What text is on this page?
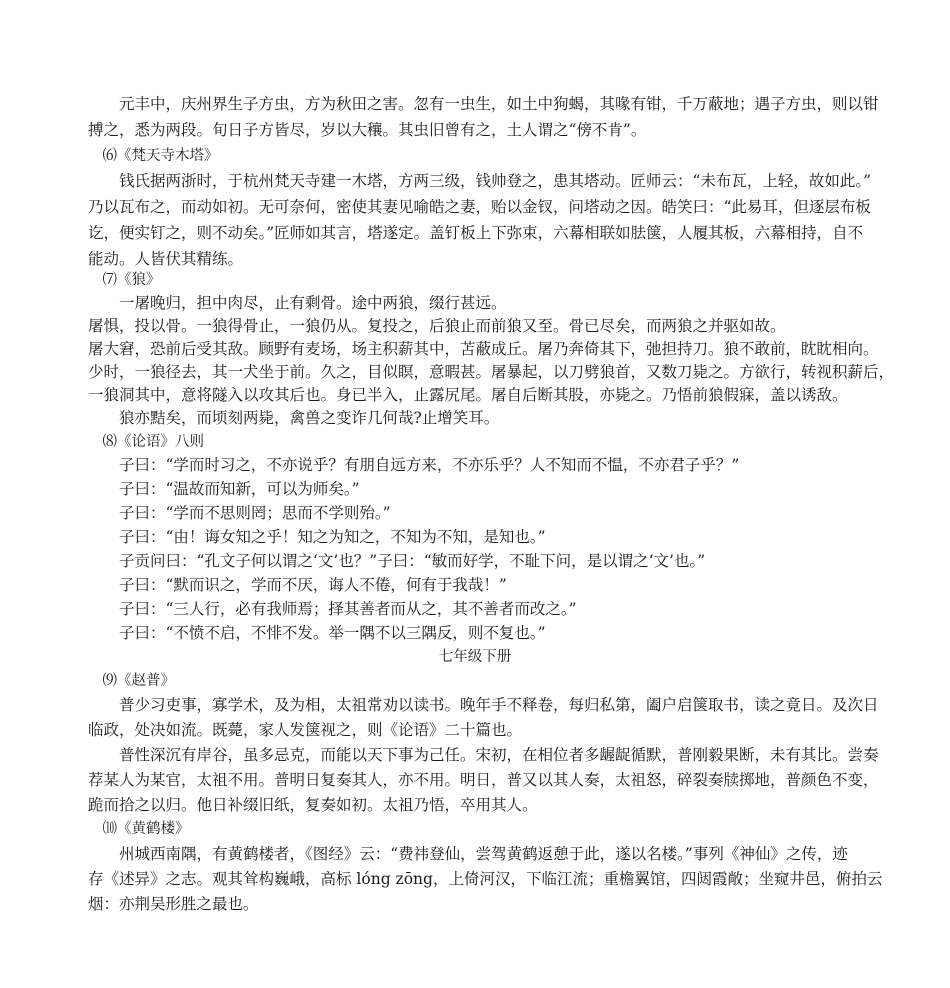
　　元丰中，庆州界生子方虫，方为秋田之害。忽有一虫生，如土中狗蝎，其喙有钳，千万蔽地；遇子方虫，则以钳
搏之，悉为两段。旬日子方皆尽，岁以大穰。其虫旧曾有之，土人谓之“傍不肯”。
　⑹《梵天寺木塔》
　　钱氏据两浙时，于杭州梵天寺建一木塔，方两三级，钱帅登之，患其塔动。匠师云：“未布瓦，上轻，故如此。”
乃以瓦布之，而动如初。无可奈何，密使其妻见喻皓之妻，贻以金钗，问塔动之因。皓笑曰：“此易耳，但逐层布板
讫，便实钉之，则不动矣。”匠师如其言，塔遂定。盖钉板上下弥束，六幕相联如胠箧，人履其板，六幕相持，自不
能动。人皆伏其精练。
　⑺《狼》
　　一屠晚归，担中肉尽，止有剩骨。途中两狼，缀行甚远。
屠惧，投以骨。一狼得骨止，一狼仍从。复投之，后狼止而前狼又至。骨已尽矣，而两狼之并驱如故。
屠大窘，恐前后受其敌。顾野有麦场，场主积薪其中，苫蔽成丘。屠乃奔倚其下，弛担持刀。狼不敢前，眈眈相向。
少时，一狼径去，其一犬坐于前。久之，目似瞑，意暇甚。屠暴起，以刀劈狼首，又数刀毙之。方欲行，转视积薪后，
一狼洞其中，意将隧入以攻其后也。身已半入，止露尻尾。屠自后断其股，亦毙之。乃悟前狼假寐，盖以诱敌。
　　狼亦黠矣，而顷刻两毙，禽兽之变诈几何哉?止增笑耳。
　⑻《论语》八则
　　子曰：“学而时习之，不亦说乎？有朋自远方来，不亦乐乎？人不知而不愠，不亦君子乎？”
　　子曰：“温故而知新，可以为师矣。”
　　子曰：“学而不思则罔；思而不学则殆。”
　　子曰：“由！诲女知之乎！知之为知之，不知为不知，是知也。”
　　子贡问曰：“孔文子何以谓之‘文’也？”子曰：“敏而好学，不耻下问，是以谓之‘文’也。”
　　子曰：“默而识之，学而不厌，诲人不倦，何有于我哉！”
　　子曰：“三人行，必有我师焉；择其善者而从之，其不善者而改之。”
　　子曰：“不愤不启，不悱不发。举一隅不以三隅反，则不复也。”
七年级下册
　⑼《赵普》
　　普少习吏事，寡学术，及为相，太祖常劝以读书。晚年手不释卷，每归私第，阖户启箧取书，读之竟日。及次日
临政，处决如流。既薨，家人发箧视之，则《论语》二十篇也。
　　普性深沉有岸谷，虽多忌克，而能以天下事为己任。宋初，在相位者多龌龊循默，普刚毅果断，未有其比。尝奏
荐某人为某官，太祖不用。普明日复奏其人，亦不用。明日，普又以其人奏，太祖怒，碎裂奏牍掷地，普颜色不变，
跪而拾之以归。他日补缀旧纸，复奏如初。太祖乃悟，卒用其人。
　⑽《黄鹤楼》
　　州城西南隅，有黄鹤楼者，《图经》云：“费祎登仙，尝驾黄鹤返憩于此，遂以名楼。”事列《神仙》之传，迹
存《述异》之志。观其耸构巍峨，高标 lóng zōng，上倚河汉，下临江流；重檐翼馆，四闼霞敞；坐窥井邑，俯拍云
烟：亦荆吴形胜之最也。
